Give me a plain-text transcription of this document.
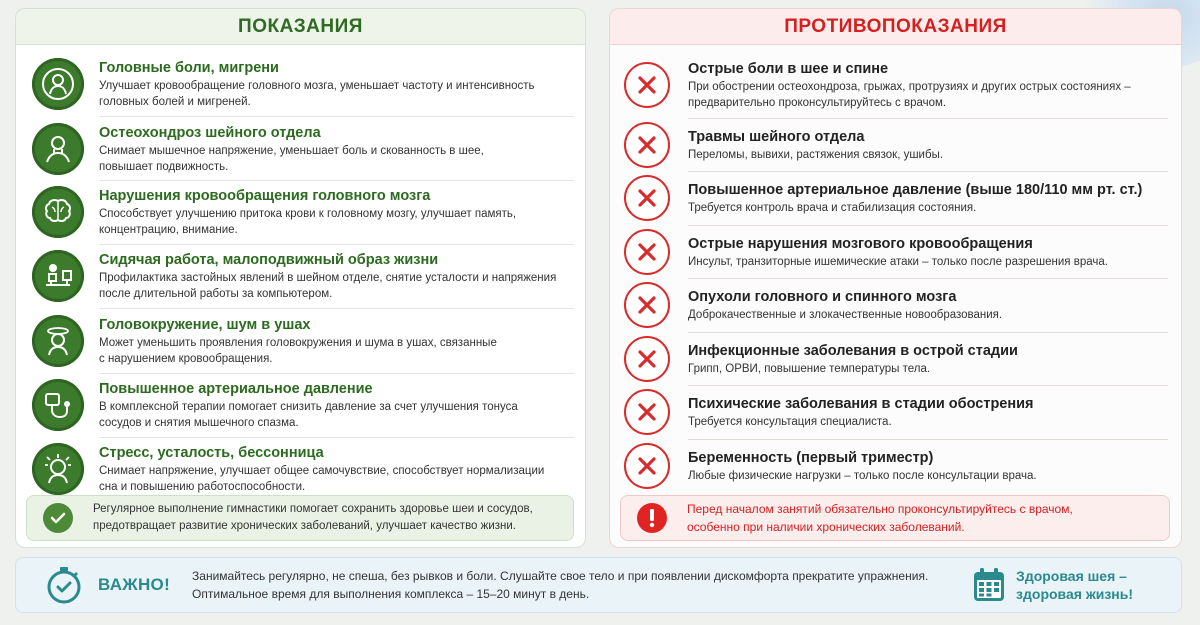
ПОКАЗАНИЯ
Головные боли, мигрени
Улучшает кровообращение головного мозга, уменьшает частоту и интенсивность
головных болей и мигреней.
Остеохондроз шейного отдела
Снимает мышечное напряжение, уменьшает боль и скованность в шее,
повышает подвижность.
Нарушения кровообращения головного мозга
Способствует улучшению притока крови к головному мозгу, улучшает память,
концентрацию, внимание.
Сидячая работа, малоподвижный образ жизни
Профилактика застойных явлений в шейном отделе, снятие усталости и напряжения
после длительной работы за компьютером.
Головокружение, шум в ушах
Может уменьшить проявления головокружения и шума в ушах, связанные
с нарушением кровообращения.
Повышенное артериальное давление
В комплексной терапии помогает снизить давление за счет улучшения тонуса
сосудов и снятия мышечного спазма.
Стресс, усталость, бессонница
Снимает напряжение, улучшает общее самочувствие, способствует нормализации
сна и повышению работоспособности.
Регулярное выполнение гимнастики помогает сохранить здоровье шеи и сосудов,
предотвращает развитие хронических заболеваний, улучшает качество жизни.
ПРОТИВОПОКАЗАНИЯ
Острые боли в шее и спине
При обострении остеохондроза, грыжах, протрузиях и других острых состояниях –
предварительно проконсультируйтесь с врачом.
Травмы шейного отдела
Переломы, вывихи, растяжения связок, ушибы.
Повышенное артериальное давление (выше 180/110 мм рт. ст.)
Требуется контроль врача и стабилизация состояния.
Острые нарушения мозгового кровообращения
Инсульт, транзиторные ишемические атаки – только после разрешения врача.
Опухоли головного и спинного мозга
Доброкачественные и злокачественные новообразования.
Инфекционные заболевания в острой стадии
Грипп, ОРВИ, повышение температуры тела.
Психические заболевания в стадии обострения
Требуется консультация специалиста.
Беременность (первый триместр)
Любые физические нагрузки – только после консультации врача.
Перед началом занятий обязательно проконсультируйтесь с врачом,
особенно при наличии хронических заболеваний.
ВАЖНО! Занимайтесь регулярно, не спеша, без рывков и боли. Слушайте свое тело и при появлении дискомфорта прекратите упражнения.
Оптимальное время для выполнения комплекса – 15–20 минут в день.
Здоровая шея –
здоровая жизнь!
